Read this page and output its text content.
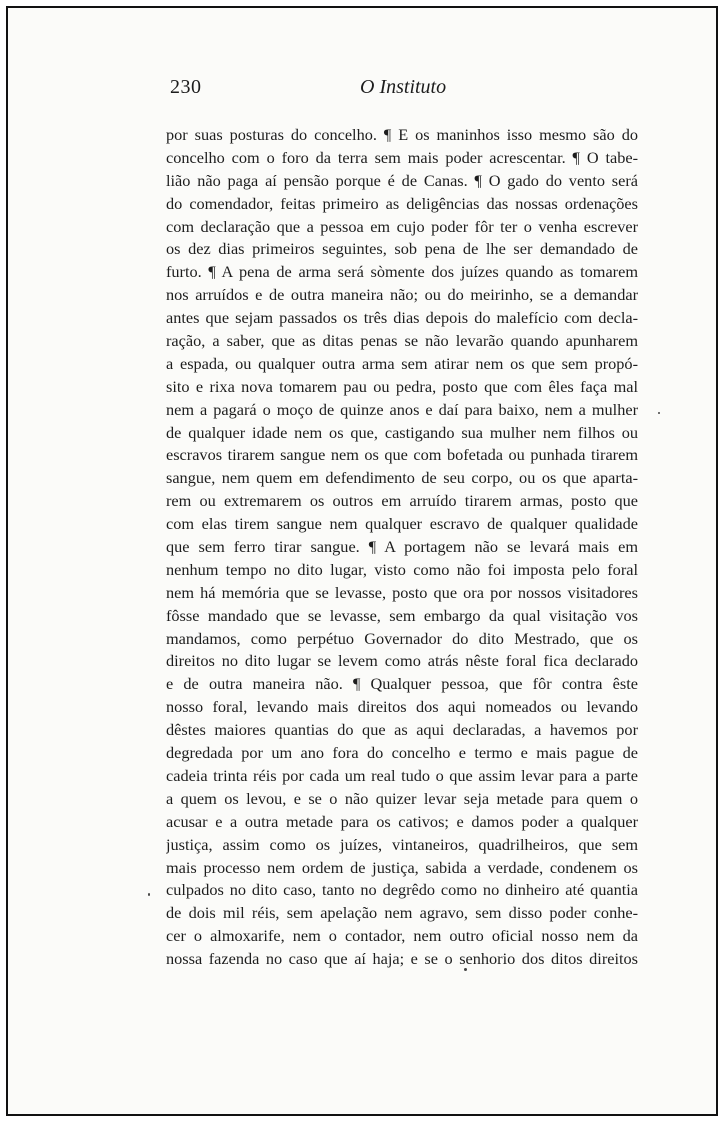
230	O Instituto
por suas posturas do concelho. ¶ E os maninhos isso mesmo são do
concelho com o foro da terra sem mais poder acrescentar. ¶ O tabe-
lião não paga aí pensão porque é de Canas. ¶ O gado do vento será
do comendador, feitas primeiro as deligências das nossas ordenações
com declaração que a pessoa em cujo poder fôr ter o venha escrever
os dez dias primeiros seguintes, sob pena de lhe ser demandado de
furto. ¶ A pena de arma será sòmente dos juízes quando as tomarem
nos arruídos e de outra maneira não; ou do meirinho, se a demandar
antes que sejam passados os três dias depois do malefício com decla-
ração, a saber, que as ditas penas se não levarão quando apunharem
a espada, ou qualquer outra arma sem atirar nem os que sem propó-
sito e rixa nova tomarem pau ou pedra, posto que com êles faça mal
nem a pagará o moço de quinze anos e daí para baixo, nem a mulher
de qualquer idade nem os que, castigando sua mulher nem filhos ou
escravos tirarem sangue nem os que com bofetada ou punhada tirarem
sangue, nem quem em defendimento de seu corpo, ou os que aparta-
rem ou extremarem os outros em arruído tirarem armas, posto que
com elas tirem sangue nem qualquer escravo de qualquer qualidade
que sem ferro tirar sangue. ¶ A portagem não se levará mais em
nenhum tempo no dito lugar, visto como não foi imposta pelo foral
nem há memória que se levasse, posto que ora por nossos visitadores
fôsse mandado que se levasse, sem embargo da qual visitação vos
mandamos, como perpétuo Governador do dito Mestrado, que os
direitos no dito lugar se levem como atrás nêste foral fica declarado
e de outra maneira não. ¶ Qualquer pessoa, que fôr contra êste
nosso foral, levando mais direitos dos aqui nomeados ou levando
dêstes maiores quantias do que as aqui declaradas, a havemos por
degredada por um ano fora do concelho e termo e mais pague de
cadeia trinta réis por cada um real tudo o que assim levar para a parte
a quem os levou, e se o não quizer levar seja metade para quem o
acusar e a outra metade para os cativos; e damos poder a qualquer
justiça, assim como os juízes, vintaneiros, quadrilheiros, que sem
mais processo nem ordem de justiça, sabida a verdade, condenem os
culpados no dito caso, tanto no degrêdo como no dinheiro até quantia
de dois mil réis, sem apelação nem agravo, sem disso poder conhe-
cer o almoxarife, nem o contador, nem outro oficial nosso nem da
nossa fazenda no caso que aí haja; e se o senhorio dos ditos direitos
